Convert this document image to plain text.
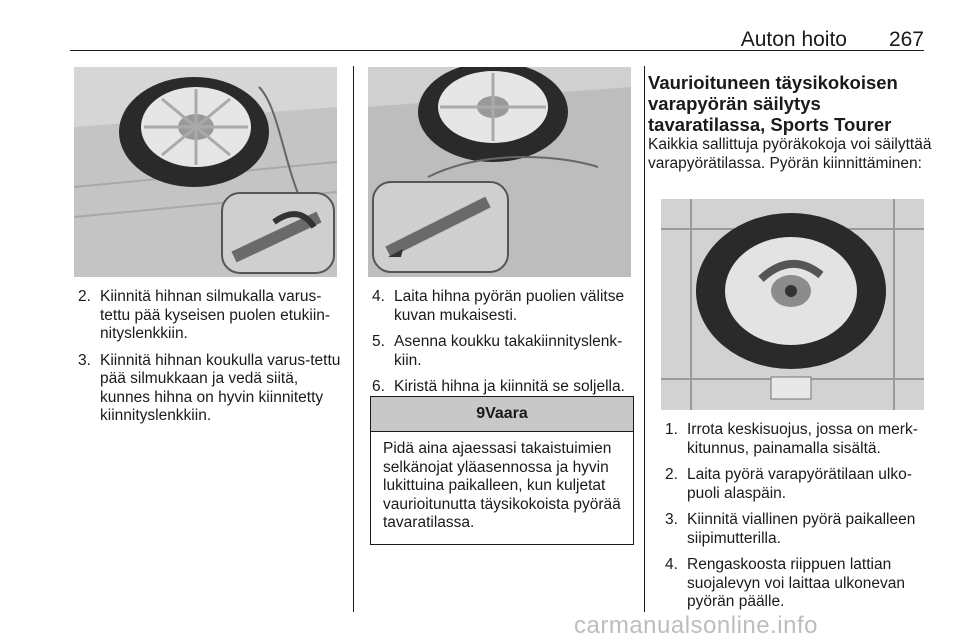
Auton hoito 267
2. Kiinnitä hihnan silmukalla varus-tettu pää kyseisen puolen etukiin-nityslenkkiin.
3. Kiinnitä hihnan koukulla varus-tettu pää silmukkaan ja vedä siitä, kunnes hihna on hyvin kiinnitetty kiinnityslenkkiin.
4. Laita hihna pyörän puolien välitse kuvan mukaisesti.
5. Asenna koukku takakiinnityslenk-kiin.
6. Kiristä hihna ja kiinnitä se soljella.
9Vaara
Pidä aina ajaessasi takaistuimien selkänojat yläasennossa ja hyvin lukittuina paikalleen, kun kuljetat vaurioitunutta täysikokoista pyörää tavaratilassa.
Vaurioituneen täysikokoisen varapyörän säilytys tavaratilassa, Sports Tourer
Kaikkia sallittuja pyöräkokoja voi säilyttää varapyörätilassa. Pyörän kiinnittäminen:
1. Irrota keskisuojus, jossa on merk-kitunnus, painamalla sisältä.
2. Laita pyörä varapyörätilaan ulko-puoli alaspäin.
3. Kiinnitä viallinen pyörä paikalleen siipimutterilla.
4. Rengaskoosta riippuen lattian suojalevyn voi laittaa ulkonevan pyörän päälle.
carmanualsonline.info
